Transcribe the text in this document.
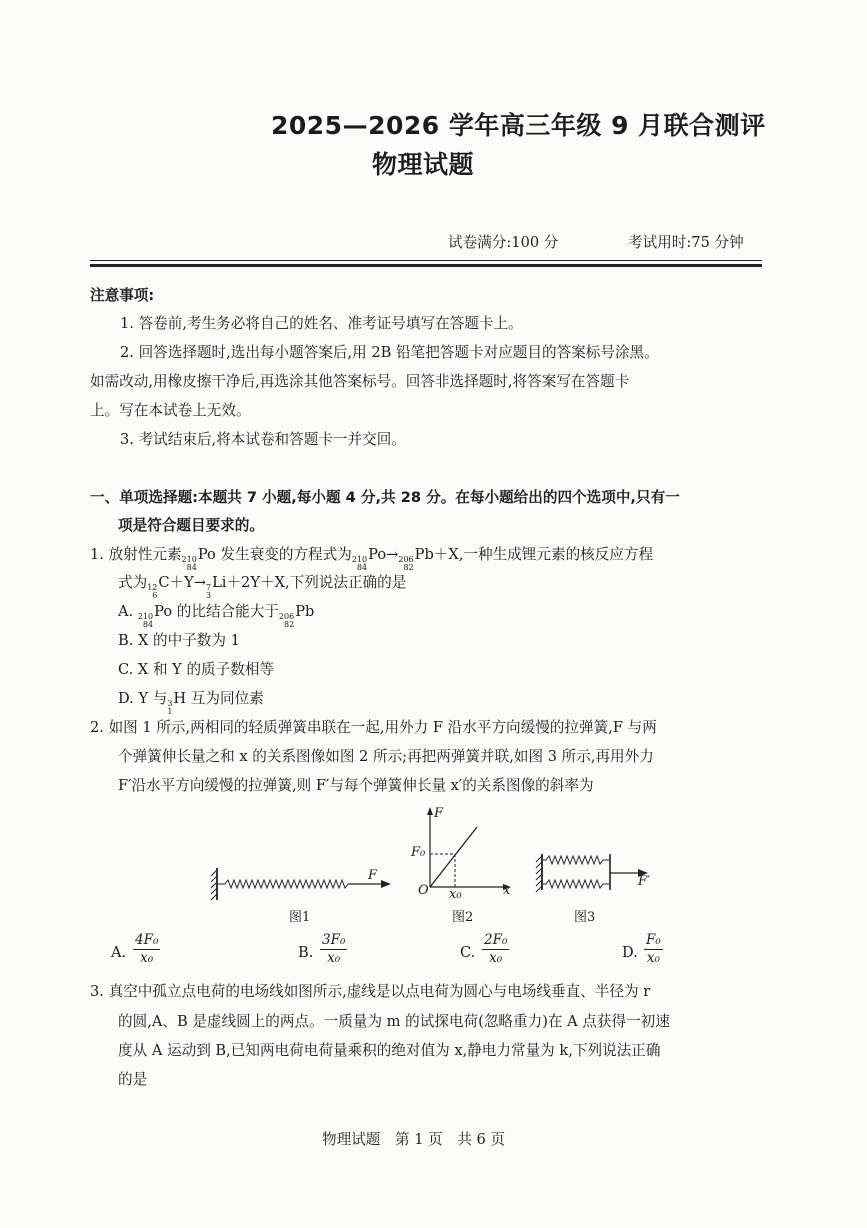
2025—2026 学年高三年级 9 月联合测评
物理试题
试卷满分:100 分	考试用时:75 分钟
注意事项:
1. 答卷前,考生务必将自己的姓名、准考证号填写在答题卡上。
2. 回答选择题时,选出每小题答案后,用 2B 铅笔把答题卡对应题目的答案标号涂黑。
如需改动,用橡皮擦干净后,再选涂其他答案标号。回答非选择题时,将答案写在答题卡
上。写在本试卷上无效。
3. 考试结束后,将本试卷和答题卡一并交回。
一、单项选择题:本题共 7 小题,每小题 4 分,共 28 分。在每小题给出的四个选项中,只有一
项是符合题目要求的。
1. 放射性元素 210
84
Po 发生衰变的方程式为 210
84
Po→ 206
82
Pb＋X,一种生成锂元素的核反应方程
式为 12
6
C＋Y→ 7
3
Li＋2Y＋X,下列说法正确的是
A. 210
84
Po 的比结合能大于 206
82
Pb
B. X 的中子数为 1
C. X 和 Y 的质子数相等
D. Y 与 3
1
H 互为同位素
2. 如图 1 所示,两相同的轻质弹簧串联在一起,用外力 F 沿水平方向缓慢的拉弹簧,F 与两
个弹簧伸长量之和 x 的关系图像如图 2 所示;再把两弹簧并联,如图 3 所示,再用外力
F′沿水平方向缓慢的拉弹簧,则 F′与每个弹簧伸长量 x′的关系图像的斜率为
F
图1
F
x
O
F₀
x₀
图2
F′
图3
A. $\frac{\text{4F₀}}{\text{x₀}}$	B. $\frac{\text{3F₀}}{\text{x₀}}$	C. $\frac{\text{2F₀}}{\text{x₀}}$	D. $\frac{\text{F₀}}{\text{x₀}}$
3. 真空中孤立点电荷的电场线如图所示,虚线是以点电荷为圆心与电场线垂直、半径为 r
的圆,A、B 是虚线圆上的两点。一质量为 m 的试探电荷(忽略重力)在 A 点获得一初速
度从 A 运动到 B,已知两电荷电荷量乘积的绝对值为 x,静电力常量为 k,下列说法正确
的是
物理试题　第 1 页　共 6 页
